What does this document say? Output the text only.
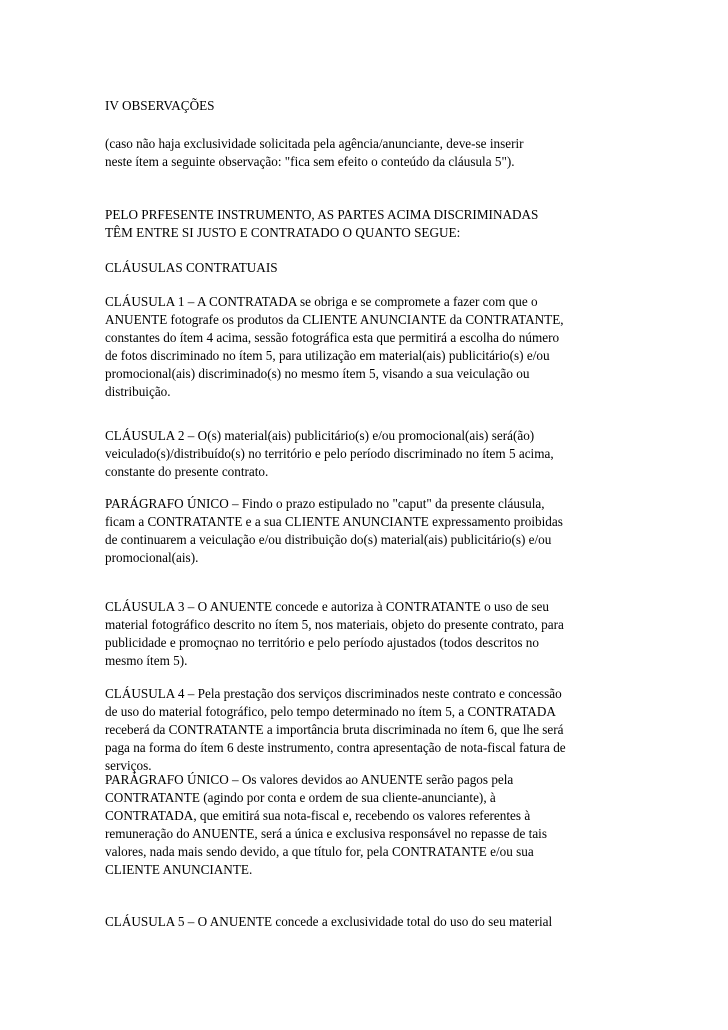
IV OBSERVAÇÕES
(caso não haja exclusividade solicitada pela agência/anunciante, deve-se inserir
neste ítem a seguinte observação: "fica sem efeito o conteúdo da cláusula 5").
PELO PRFESENTE INSTRUMENTO, AS PARTES ACIMA DISCRIMINADAS
TÊM ENTRE SI JUSTO E CONTRATADO O QUANTO SEGUE:
CLÁUSULAS CONTRATUAIS
CLÁUSULA 1 – A CONTRATADA se obriga e se compromete a fazer com que o
ANUENTE fotografe os produtos da CLIENTE ANUNCIANTE da CONTRATANTE,
constantes do ítem 4 acima, sessão fotográfica esta que permitirá a escolha do número
de fotos discriminado no ítem 5, para utilização em material(ais) publicitário(s) e/ou
promocional(ais) discriminado(s) no mesmo ítem 5, visando a sua veiculação ou
distribuição.
CLÁUSULA 2 – O(s) material(ais) publicitário(s) e/ou promocional(ais) será(ão)
veiculado(s)/distribuído(s) no território e pelo período discriminado no ítem 5 acima,
constante do presente contrato.
PARÁGRAFO ÚNICO – Findo o prazo estipulado no "caput" da presente cláusula,
ficam a CONTRATANTE e a sua CLIENTE ANUNCIANTE expressamento proibidas
de continuarem a veiculação e/ou distribuição do(s) material(ais) publicitário(s) e/ou
promocional(ais).
CLÁUSULA 3 – O ANUENTE concede e autoriza à CONTRATANTE o uso de seu
material fotográfico descrito no ítem 5, nos materiais, objeto do presente contrato, para
publicidade e promoçnao no território e pelo período ajustados (todos descritos no
mesmo ítem 5).
CLÁUSULA 4 – Pela prestação dos serviços discriminados neste contrato e concessão
de uso do material fotográfico, pelo tempo determinado no ítem 5, a CONTRATADA
receberá da CONTRATANTE a importância bruta discriminada no ítem 6, que lhe será
paga na forma do ítem 6 deste instrumento, contra apresentação de nota-fiscal fatura de
serviços.
PARÁGRAFO ÚNICO – Os valores devidos ao ANUENTE serão pagos pela
CONTRATANTE (agindo por conta e ordem de sua cliente-anunciante), à
CONTRATADA, que emitirá sua nota-fiscal e, recebendo os valores referentes à
remuneração do ANUENTE, será a única e exclusiva responsável no repasse de tais
valores, nada mais sendo devido, a que título for, pela CONTRATANTE e/ou sua
CLIENTE ANUNCIANTE.
CLÁUSULA 5 – O ANUENTE concede a exclusividade total do uso do seu material
